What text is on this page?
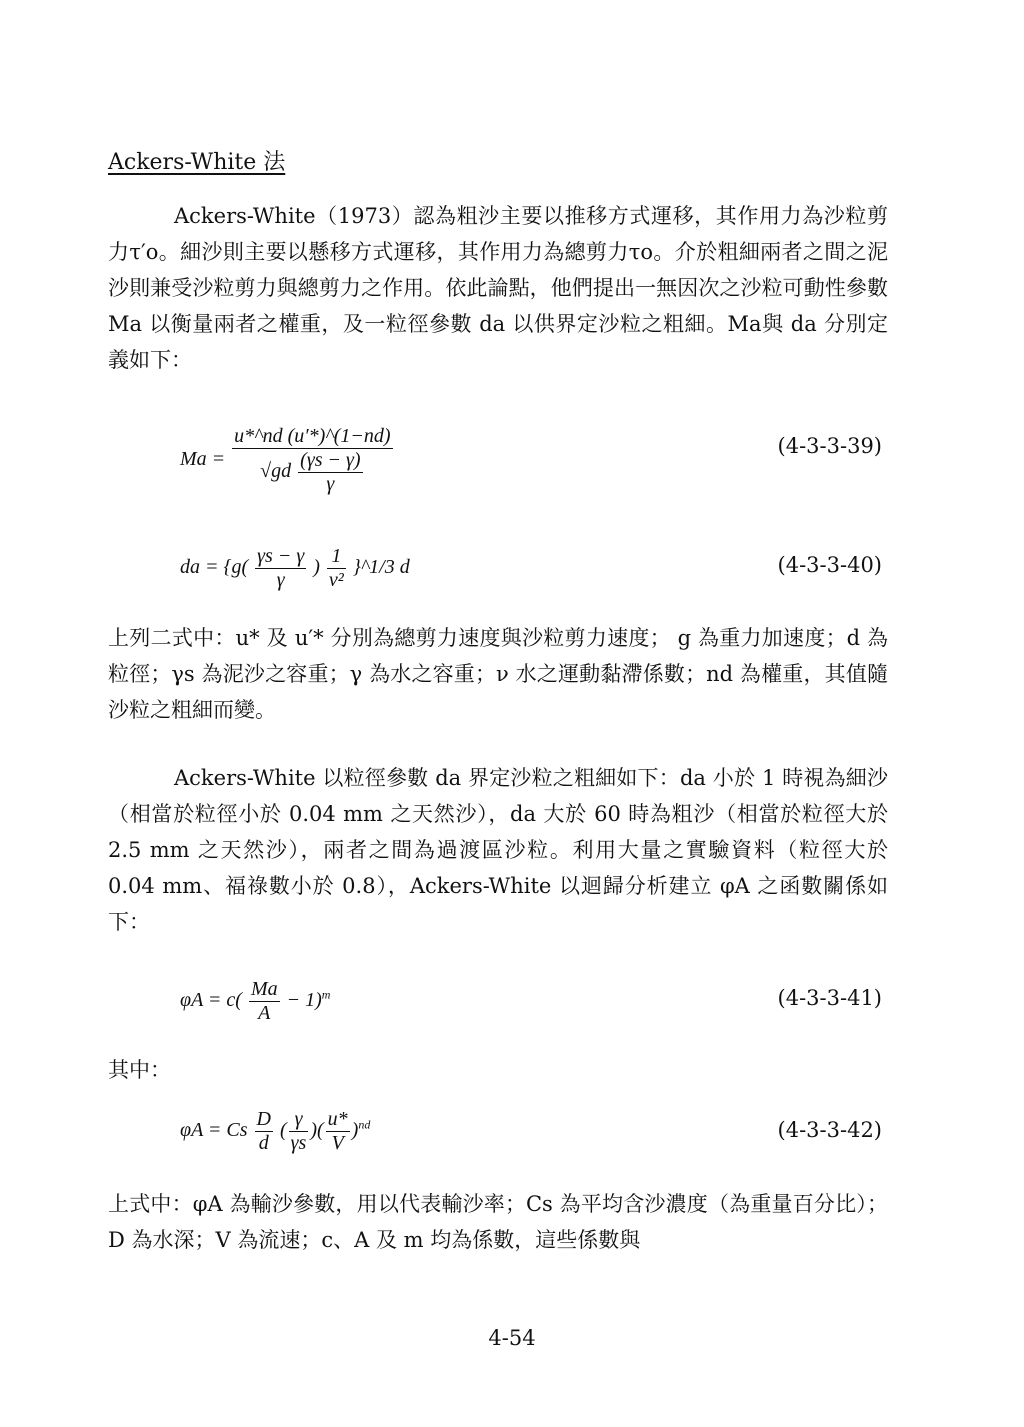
Ackers-White 法

Ackers-White（1973）認為粗沙主要以推移方式運移，其作用力為沙粒剪力τ′o。細沙則主要以懸移方式運移，其作用力為總剪力τo。介於粗細兩者之間之泥沙則兼受沙粒剪力與總剪力之作用。依此論點，他們提出一無因次之沙粒可動性參數 Ma 以衡量兩者之權重，及一粒徑參數 da 以供界定沙粒之粗細。Ma與 da 分別定義如下：

$Ma = \frac{u*\^{}nd (u'*)\^{}(1-nd)}{√gd \frac{(\gamma s - \gamma)}{\gamma}}$	(4-3-3-39)
da = {$g( \frac{\gamma s - \gamma}{\gamma}$ ) $\frac{1}{\text{ν²}}$ }^1/3 d	(4-3-3-40)

上列二式中：u* 及 u′* 分別為總剪力速度與沙粒剪力速度； g 為重力加速度；d 為粒徑；γs 為泥沙之容重；γ 為水之容重；ν 水之運動黏滯係數；nd 為權重，其值隨沙粒之粗細而變。

Ackers-White 以粒徑參數 da 界定沙粒之粗細如下：da 小於 1 時視為細沙（相當於粒徑小於 0.04 mm 之天然沙），da 大於 60 時為粗沙（相當於粒徑大於 2.5 mm 之天然沙），兩者之間為過渡區沙粒。利用大量之實驗資料（粒徑大於 0.04 mm、福祿數小於 0.8），Ackers-White 以迴歸分析建立 φA 之函數關係如下：

$\varphi A = c( \frac{Ma}{A} - 1)^m$	(4-3-3-41)
其中：
φA = Cs $\frac{D}{d}$ ( $\frac{\gamma}{\gamma s}$ )( $\frac{u*}{V} )^{nd}$	(4-3-3-42)

上式中：φA 為輸沙參數，用以代表輸沙率；Cs 為平均含沙濃度（為重量百分比）；D 為水深；V 為流速；c、A 及 m 均為係數，這些係數與

4-54
